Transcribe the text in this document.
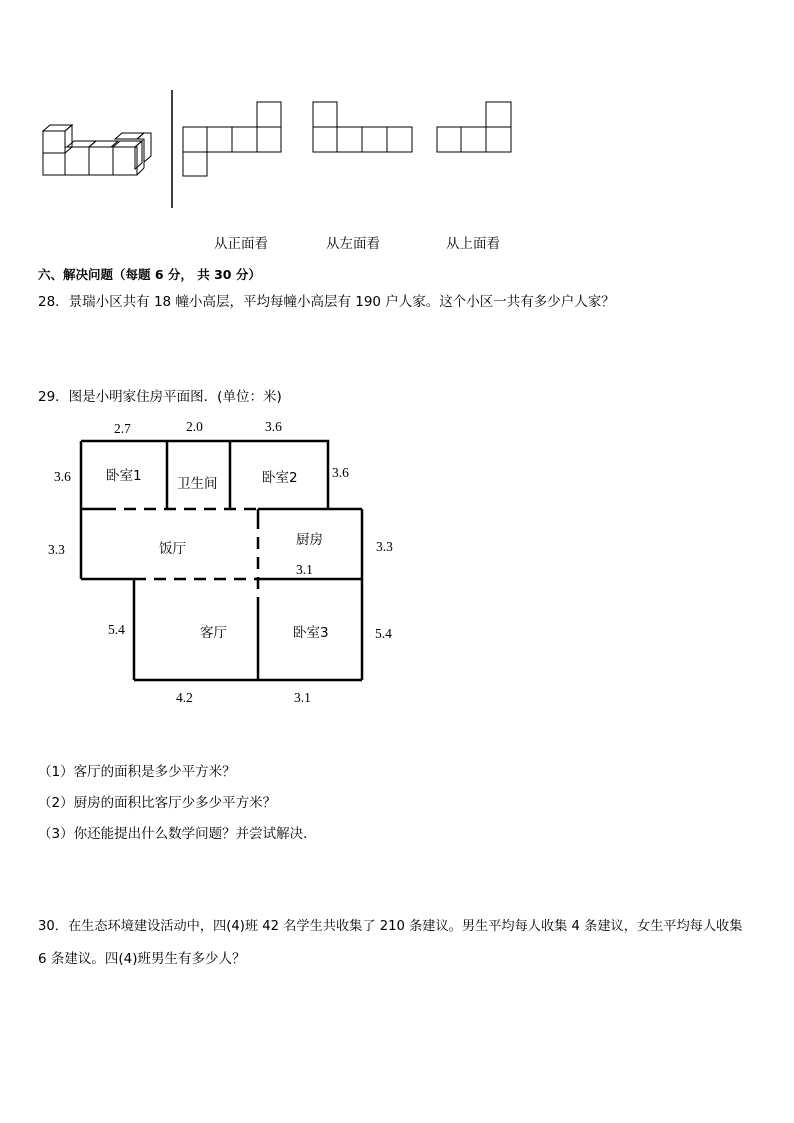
从正面看	从左面看	从上面看
六、解决问题（每题 6 分， 共 30 分）
28．景瑞小区共有 18 幢小高层，平均每幢小高层有 190 户人家。这个小区一共有多少户人家？
29．图是小明家住房平面图．(单位：米)
卧室1	卫生间	卧室2
饭厅
厨房
客厅	卧室3
2.7	2.0	3.6
3.6	3.6
3.3	3.3
3.1
5.4	5.4
4.2	3.1
（1）客厅的面积是多少平方米？
（2）厨房的面积比客厅少多少平方米？
（3）你还能提出什么数学问题？并尝试解决．
30．在生态环境建设活动中，四(4)班 42 名学生共收集了 210 条建议。男生平均每人收集 4 条建议，女生平均每人收集
6 条建议。四(4)班男生有多少人？
